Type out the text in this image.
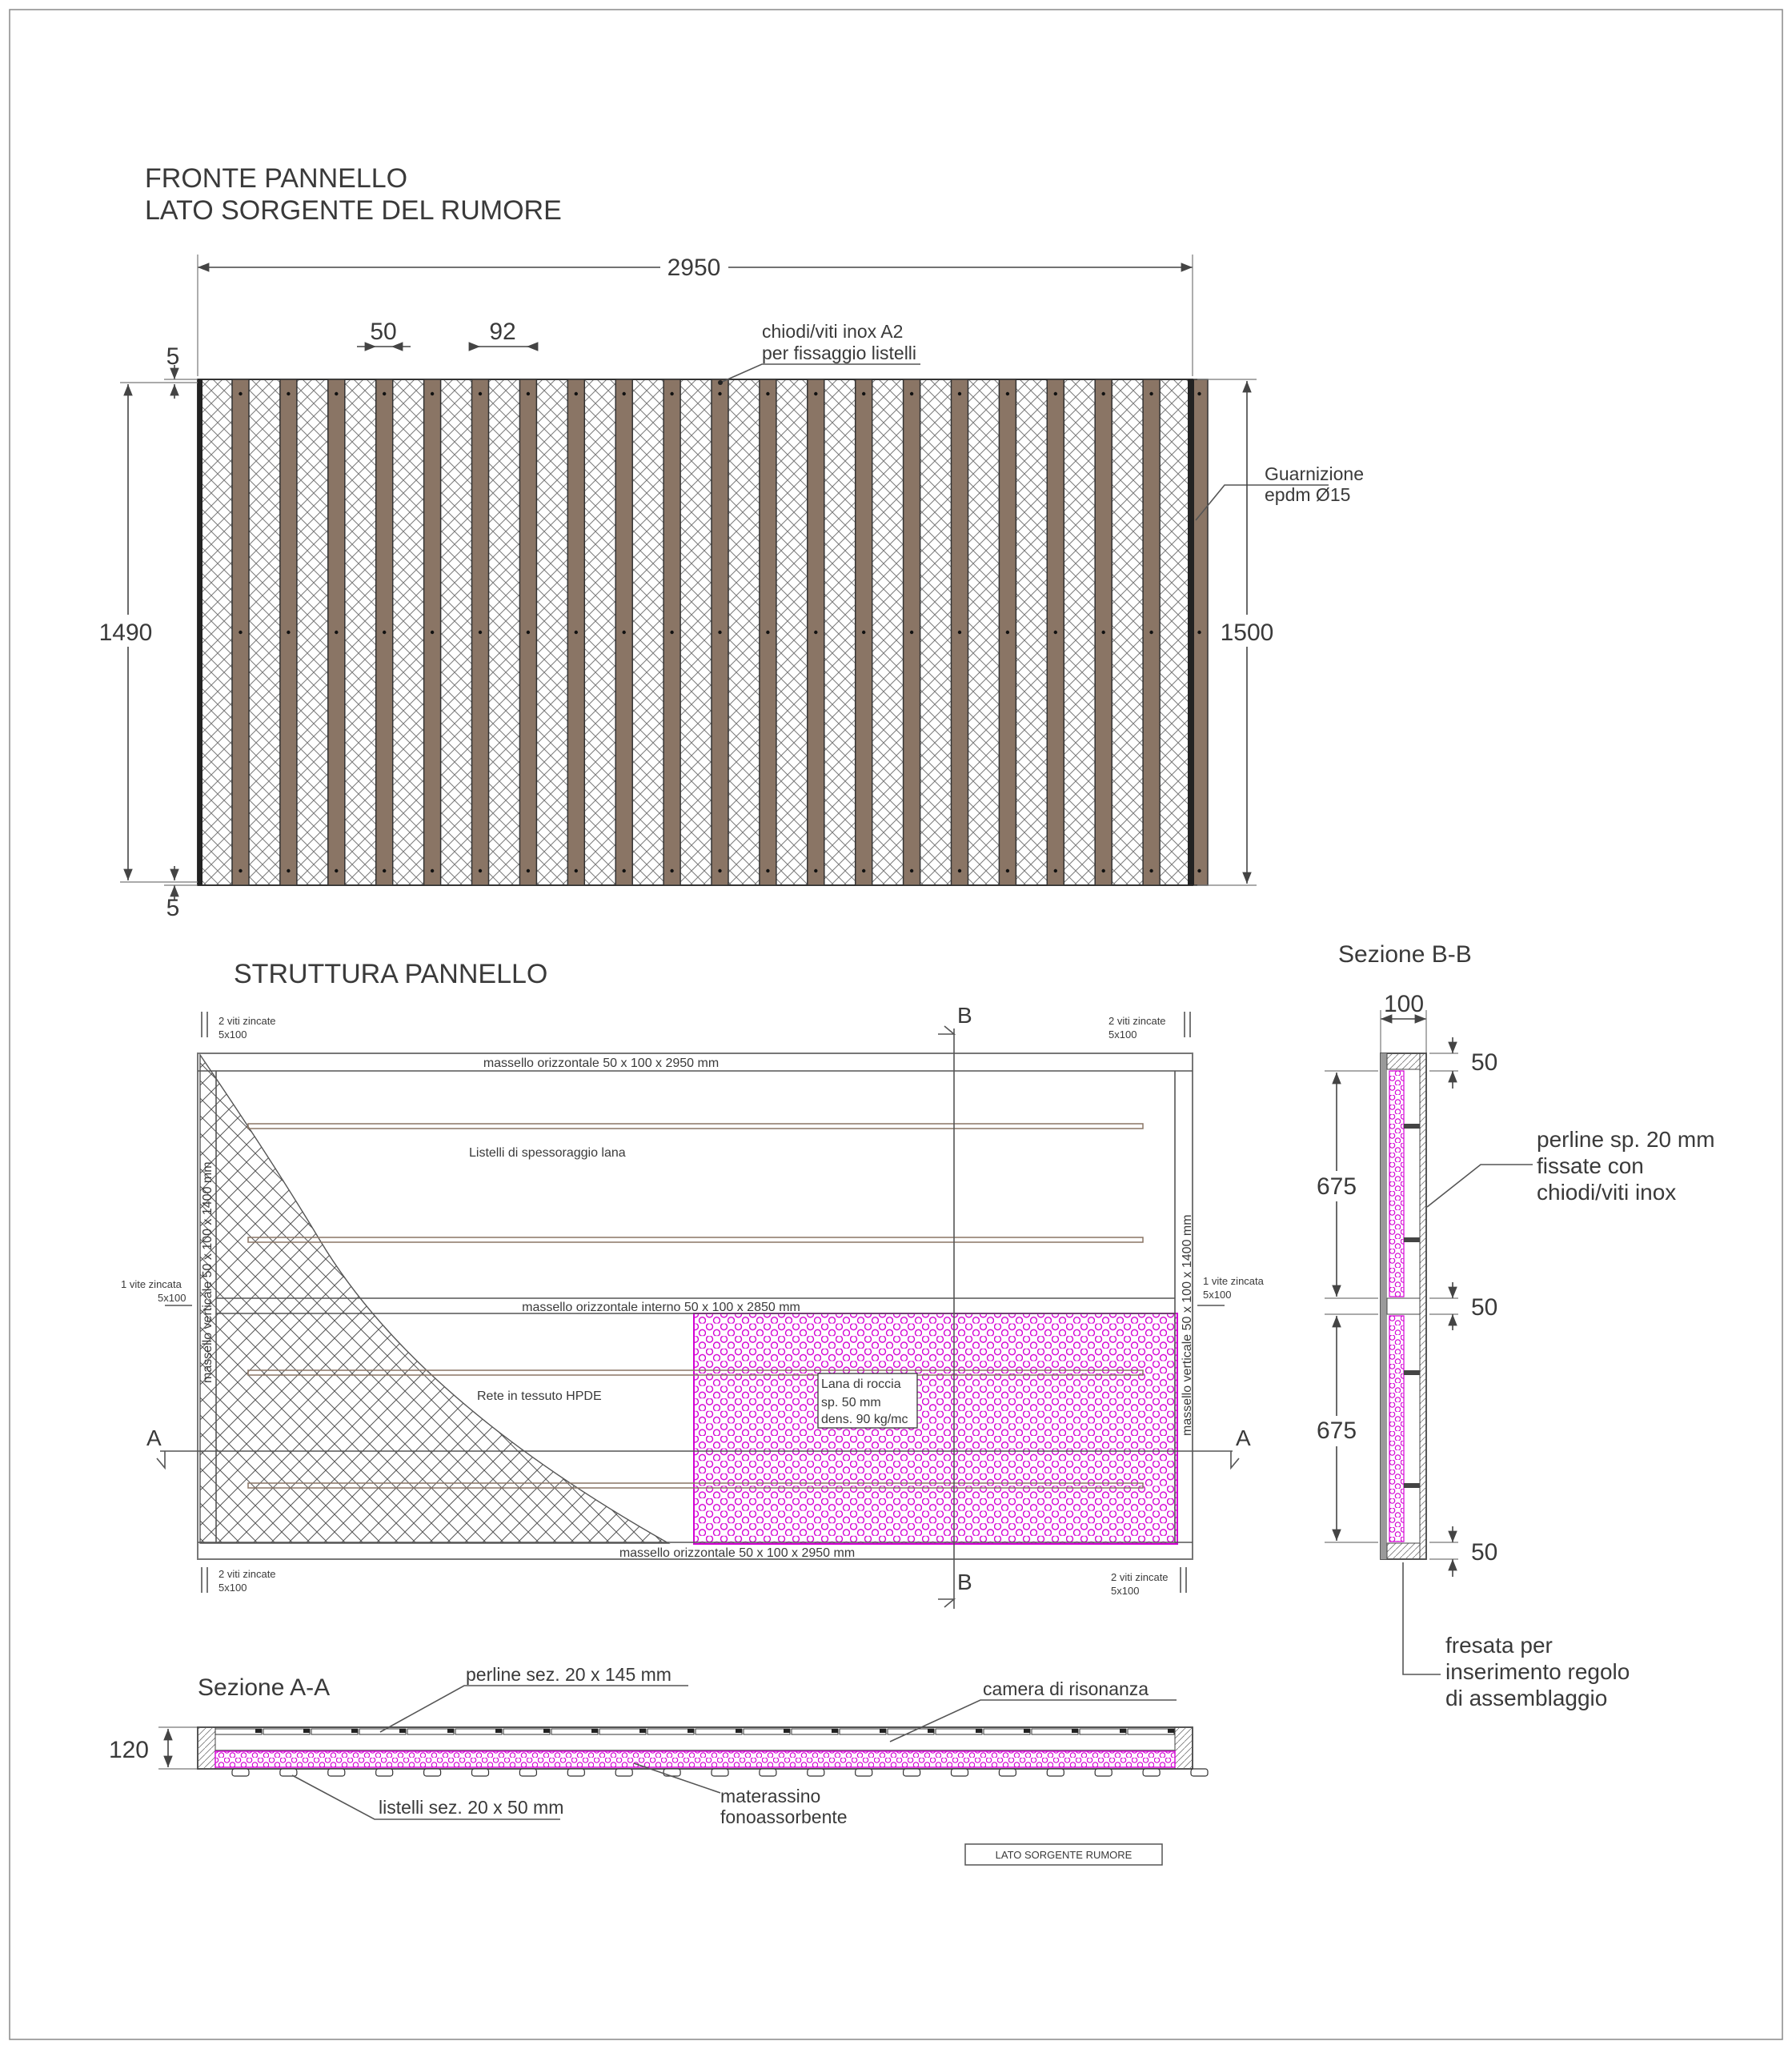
FRONTE PANNELLO
LATO SORGENTE DEL RUMORE
2950
50	92	chiodi/viti inox A2
per fissaggio listelli
Guarnizione
epdm Ø15
1490
5
5
1500
STRUTTURA PANNELLO
massello orizzontale 50 x 100 x 2950 mm
massello orizzontale interno 50 x 100 x 2850 mm
massello orizzontale 50 x 100 x 2950 mm
Listelli di spessoraggio lana
Rete in tessuto HPDE
massello verticale 50 x 100 x 1400 mm	massello verticale 50 x 100 x 1400 mm
Lana di roccia
sp. 50 mm
dens. 90 kg/mc
B
B
A	A
2 viti zincate
5x100
2 viti zincate
5x100
2 viti zincate
5x100
2 viti zincate
5x100
1 vite zincata
5x100
1 vite zincata
5x100
Sezione B-B
100
50
50
50
675
675
perline sp. 20 mm
fissate con
chiodi/viti inox
fresata per
inserimento regolo
di assemblaggio
Sezione A-A
120
perline sez. 20 x 145 mm
camera di risonanza
listelli sez. 20 x 50 mm
materassino
fonoassorbente
LATO SORGENTE RUMORE
